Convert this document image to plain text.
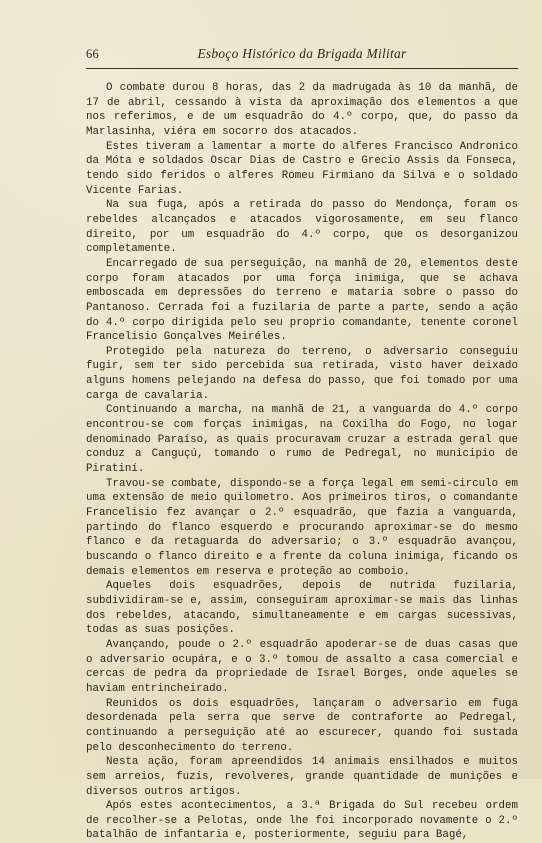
66	Esboço Histórico da Brigada Militar

O combate durou 8 horas, das 2 da madrugada às 10 da manhã, de 17 de abril, cessando à vista da aproximação dos elementos a que nos referimos, e de um esquadrão do 4.º corpo, que, do passo da Marlasinha, viéra em socorro dos atacados.

Estes tiveram a lamentar a morte do alferes Francisco Andronico da Móta e soldados Oscar Dias de Castro e Grecio Assis da Fonseca, tendo sido feridos o alferes Romeu Firmiano da Silva e o soldado Vicente Farias.

Na sua fuga, após a retirada do passo do Mendonça, foram os rebeldes alcançados e atacados vigorosamente, em seu flanco direito, por um esquadrão do 4.º corpo, que os desorganizou completamente.

Encarregado de sua perseguição, na manhã de 20, elementos deste corpo foram atacados por uma força inimiga, que se achava emboscada em depressões do terreno e mataria sobre o passo do Pantanoso. Cerrada foi a fuzilaria de parte a parte, sendo a ação do 4.º corpo dirigida pelo seu proprio comandante, tenente coronel Francelisio Gonçalves Meiréles.

Protegido pela natureza do terreno, o adversario conseguiu fugir, sem ter sido percebida sua retirada, visto haver deixado alguns homens pelejando na defesa do passo, que foi tomado por uma carga de cavalaria.

Continuando a marcha, na manhã de 21, a vanguarda do 4.º corpo encontrou-se com forças inimigas, na Coxilha do Fogo, no logar denominado Paraíso, as quais procuravam cruzar a estrada geral que conduz a Canguçú, tomando o rumo de Pedregal, no municipio de Piratiní.

Travou-se combate, dispondo-se a força legal em semi-circulo em uma extensão de meio quilometro. Aos primeiros tiros, o comandante Francelisio fez avançar o 2.º esquadrão, que fazia a vanguarda, partindo do flanco esquerdo e procurando aproximar-se do mesmo flanco e da retaguarda do adversario; o 3.º esquadrão avançou, buscando o flanco direito e a frente da coluna inimiga, ficando os demais elementos em reserva e proteção ao comboio.

Aqueles dois esquadrões, depois de nutrida fuzilaria, subdividiram-se e, assim, conseguiram aproximar-se mais das linhas dos rebeldes, atacando, simultaneamente e em cargas sucessivas, todas as suas posições.

Avançando, poude o 2.º esquadrão apoderar-se de duas casas que o adversario ocupára, e o 3.º tomou de assalto a casa comercial e cercas de pedra da propriedade de Israel Borges, onde aqueles se haviam entrincheirado.

Reunidos os dois esquadrões, lançaram o adversario em fuga desordenada pela serra que serve de contraforte ao Pedregal, continuando a perseguição até ao escurecer, quando foi sustada pelo desconhecimento do terreno.

Nesta ação, foram apreendidos 14 animais ensilhados e muitos sem arreios, fuzis, revolveres, grande quantidade de munições e diversos outros artigos.

Após estes acontecimentos, a 3.ª Brigada do Sul recebeu ordem de recolher-se a Pelotas, onde lhe foi incorporado novamente o 2.º batalhão de infantaria e, posteriormente, seguiu para Bagé,
